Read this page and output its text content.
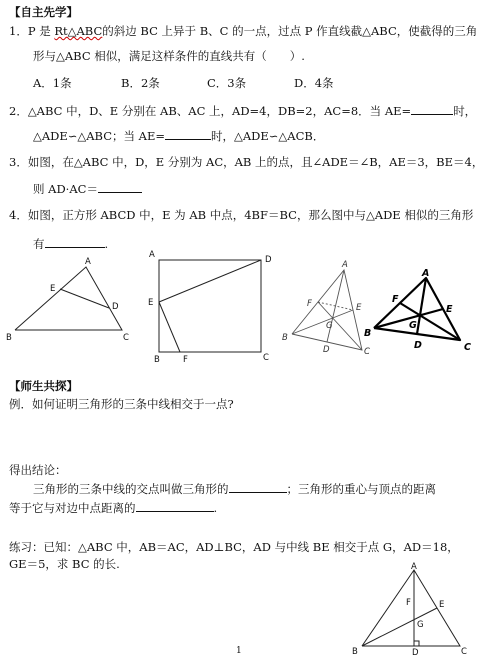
【自主先学】
1．P 是 Rt△ABC的斜边 BC 上异于 B、C 的一点，过点 P 作直线截△ABC，使截得的三角
形与△ABC 相似，满足这样条件的直线共有（　　）.
A．1条	B．2条	C．3条	D．4条
2．△ABC 中，D、E 分别在 AB、AC 上，AD=4，DB=2，AC=8．当 AE=	时，
△ADE∽△ABC；当 AE=	时，△ADE∽△ACB．
3．如图，在△ABC 中，D，E 分别为 AC，AB 上的点，且∠ADE＝∠B，AE＝3，BE＝4，
则 AD·AC＝
4．如图，正方形 ABCD 中，E 为 AB 中点，4BF＝BC，那么图中与△ADE 相似的三角形
有	.
A
E
D
B	C
A	D
E
B	F	C
A
F	E
G
B
D	C
A
F
E
G
B
D	C
【师生共探】
例．如何证明三角形的三条中线相交于一点?
得出结论：
三角形的三条中线的交点叫做三角形的	；三角形的重心与顶点的距离
等于它与对边中点距离的	.
练习：已知：△ABC 中，AB＝AC，AD⊥BC，AD 与中线 BE 相交于点 G，AD＝18，
GE＝5，求 BC 的长.	A
F	E
G
B	D	C
1
